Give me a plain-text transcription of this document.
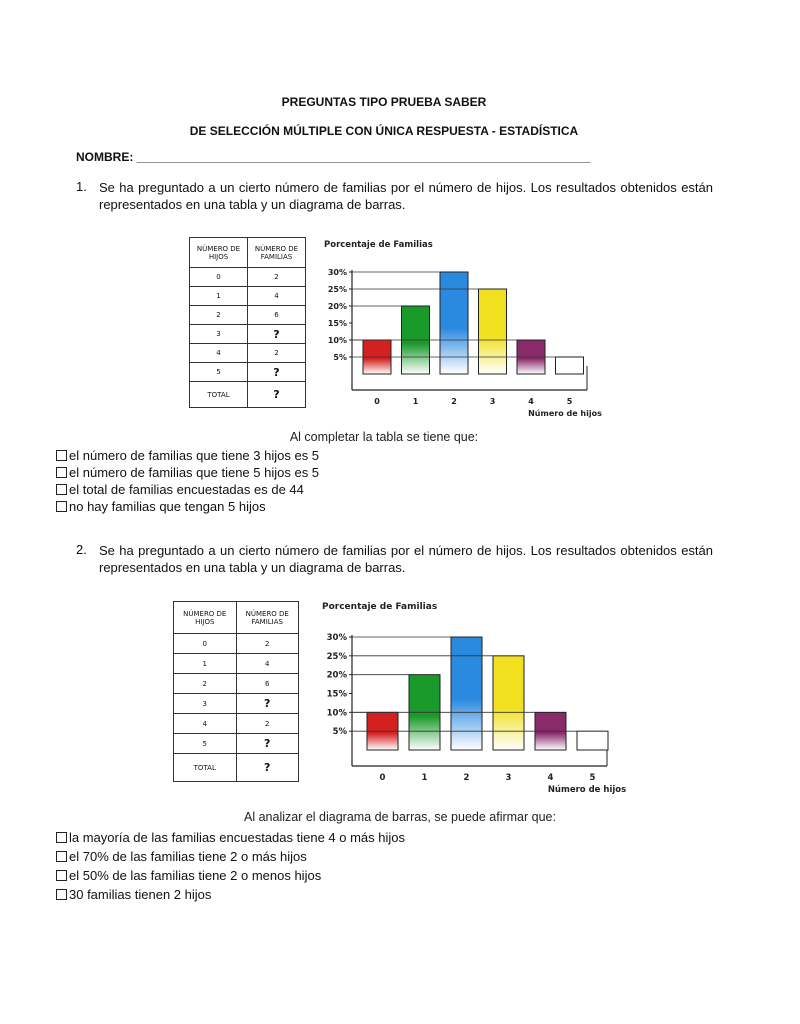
PREGUNTAS TIPO PRUEBA SABER
DE SELECCIÓN MÚLTIPLE CON ÚNICA RESPUESTA - ESTADÍSTICA
NOMBRE: ____________________________________________________________________
1. Se ha preguntado a un cierto número de familias por el número de hijos. Los resultados obtenidos están representados en una tabla y un diagrama de barras.
NÚMERO DE HIJOS	NÚMERO DE FAMILIAS
0	2
1	4
2	6
3	?
4	2
5	?
TOTAL	?
Porcentaje de Familias
5%
10%
15%
20%
25%
30%
0	1	2	3	4	5
Número de hijos
Al completar la tabla se tiene que:
el número de familias que tiene 3 hijos es 5
el número de familias que tiene 5 hijos es 5
el total de familias encuestadas es de 44
no hay familias que tengan 5 hijos
2. Se ha preguntado a un cierto número de familias por el número de hijos. Los resultados obtenidos están representados en una tabla y un diagrama de barras.
NÚMERO DE HIJOS	NÚMERO DE FAMILIAS
0	2
1	4
2	6
3	?
4	2
5	?
TOTAL	?
Porcentaje de Familias
5%
10%
15%
20%
25%
30%
0	1	2	3	4	5
Número de hijos
Al analizar el diagrama de barras, se puede afirmar que:
la mayoría de las familias encuestadas tiene 4 o más hijos
el 70% de las familias tiene 2 o más hijos
el 50% de las familias tiene 2 o menos hijos
30 familias tienen 2 hijos
